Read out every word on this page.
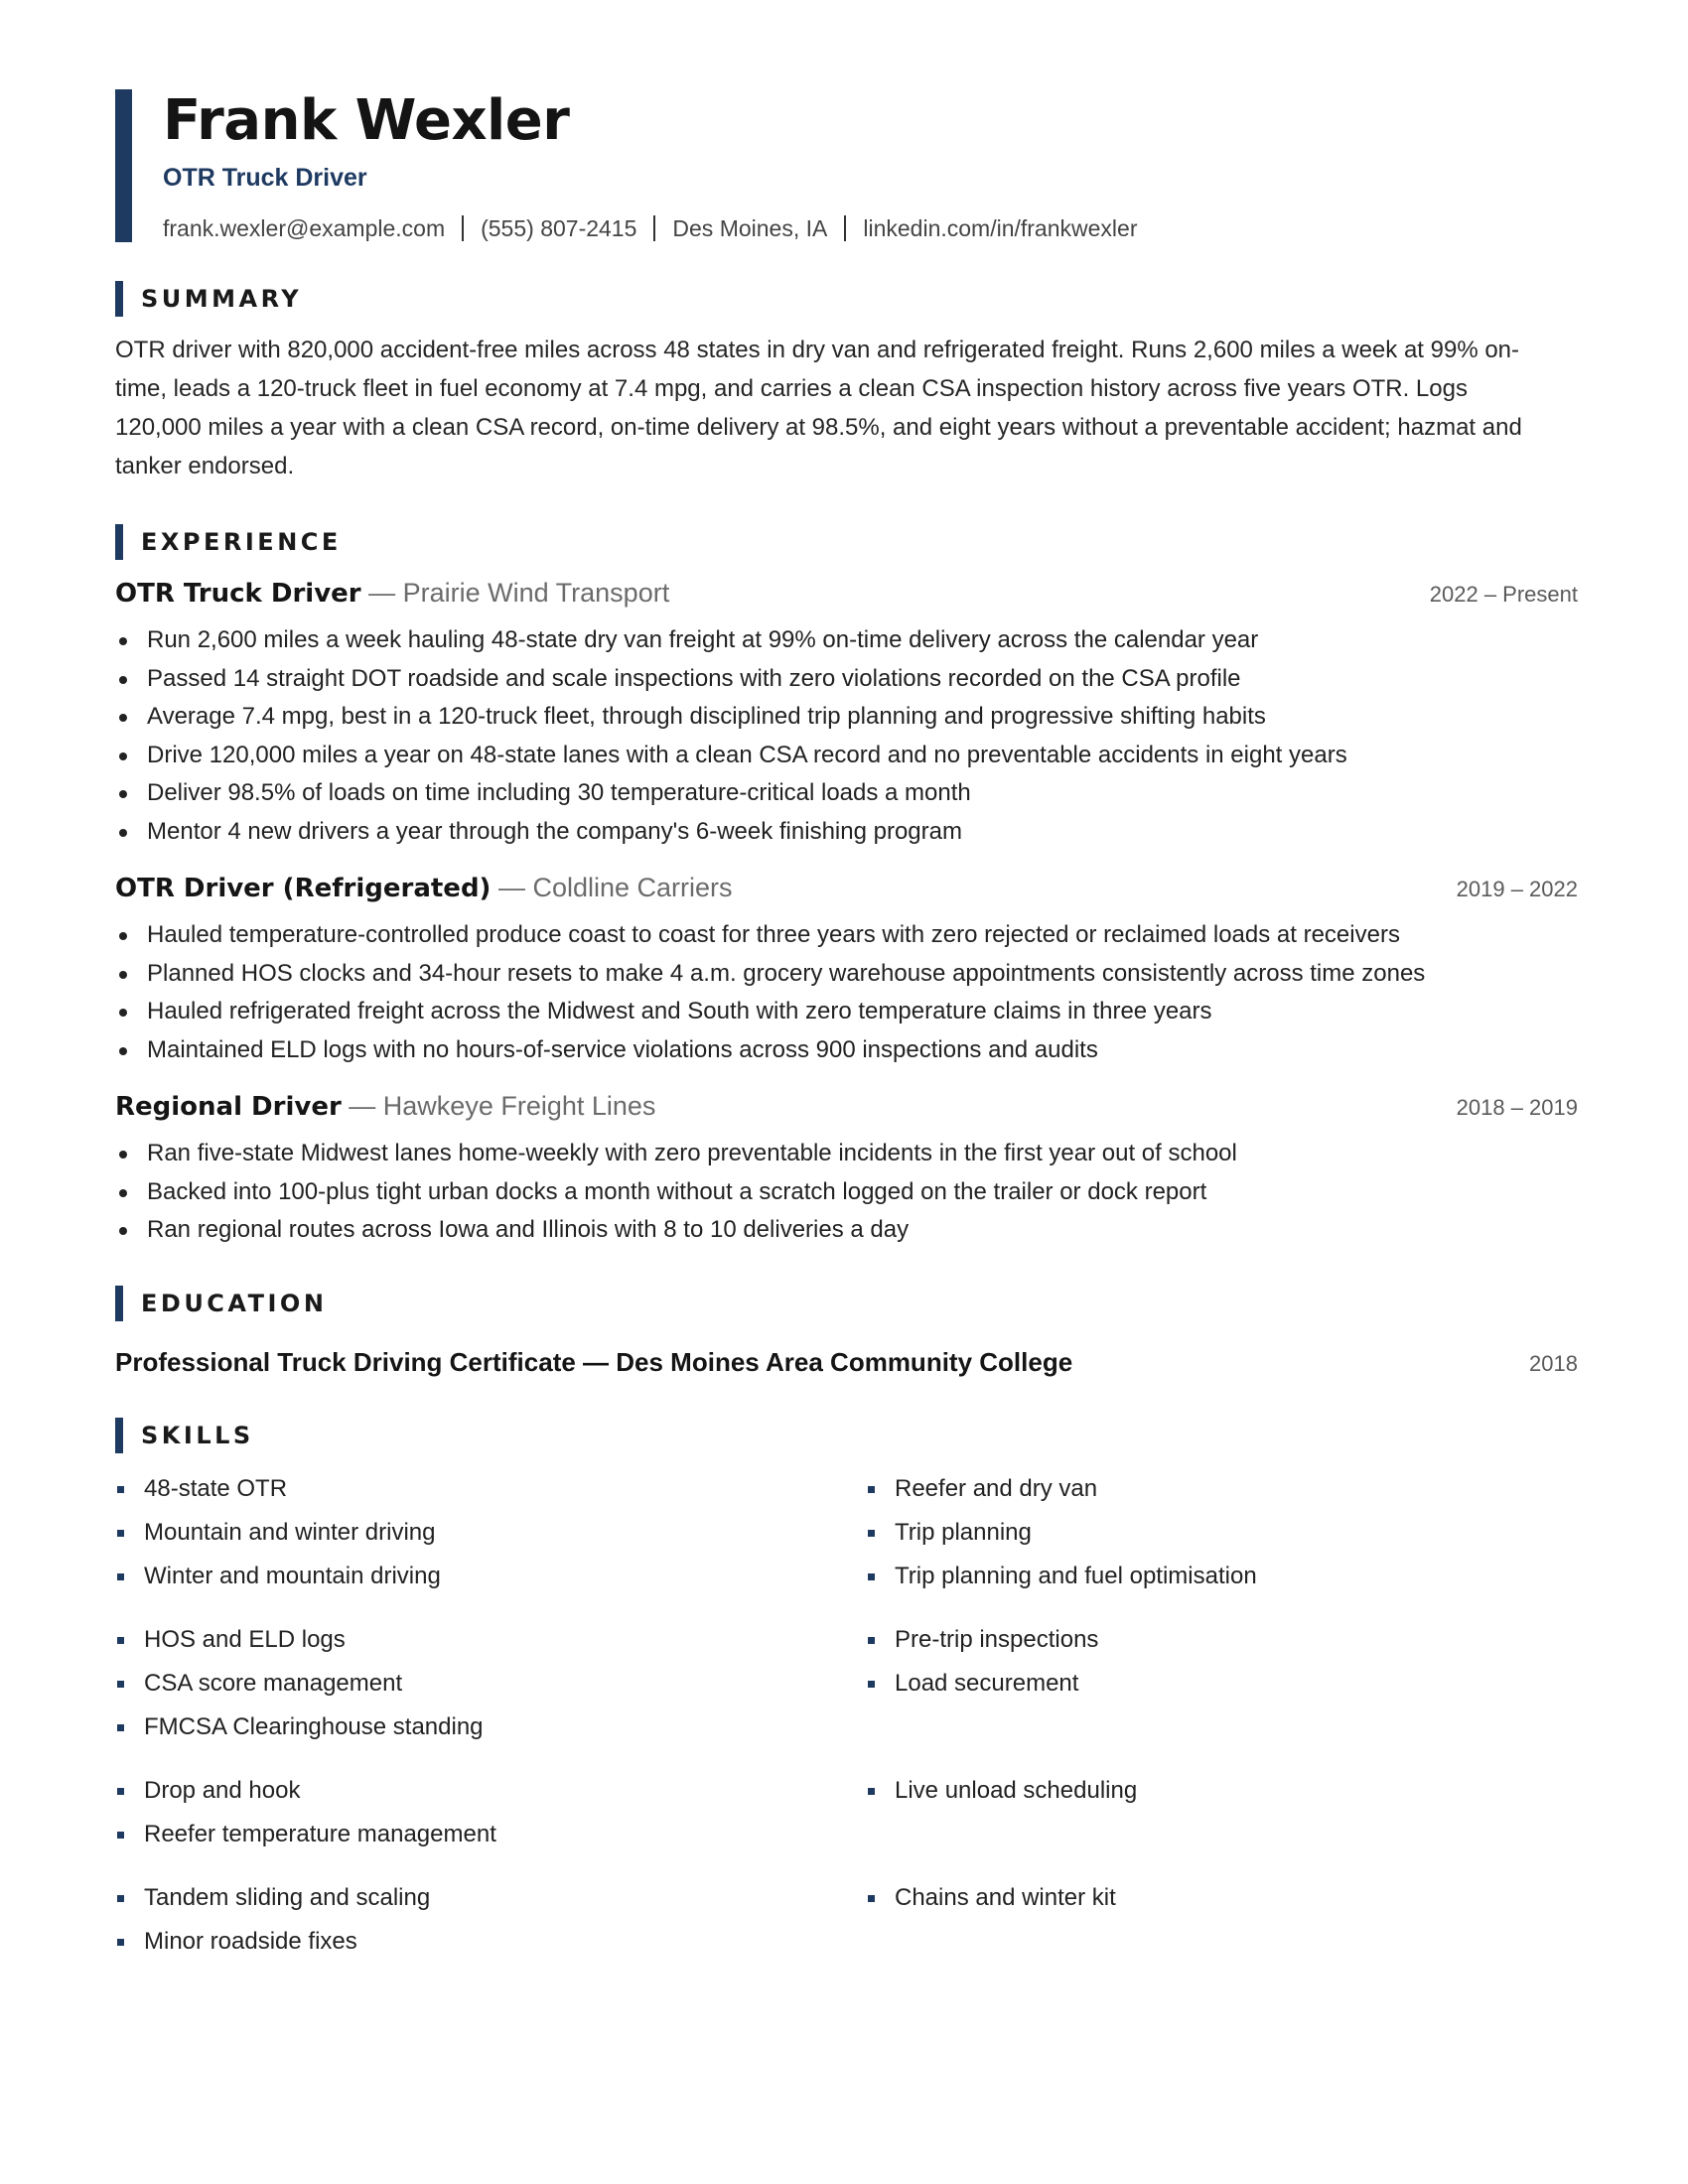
Frank Wexler
OTR Truck Driver
frank.wexler@example.com (555) 807-2415 Des Moines, IA linkedin.com/in/frankwexler
SUMMARY
OTR driver with 820,000 accident-free miles across 48 states in dry van and refrigerated freight. Runs 2,600 miles a week at 99% on-time, leads a 120-truck fleet in fuel economy at 7.4 mpg, and carries a clean CSA inspection history across five years OTR. Logs 120,000 miles a year with a clean CSA record, on-time delivery at 98.5%, and eight years without a preventable accident; hazmat and tanker endorsed.
EXPERIENCE
OTR Truck Driver — Prairie Wind Transport	2022 – Present
Run 2,600 miles a week hauling 48-state dry van freight at 99% on-time delivery across the calendar year
Passed 14 straight DOT roadside and scale inspections with zero violations recorded on the CSA profile
Average 7.4 mpg, best in a 120-truck fleet, through disciplined trip planning and progressive shifting habits
Drive 120,000 miles a year on 48-state lanes with a clean CSA record and no preventable accidents in eight years
Deliver 98.5% of loads on time including 30 temperature-critical loads a month
Mentor 4 new drivers a year through the company's 6-week finishing program
OTR Driver (Refrigerated) — Coldline Carriers	2019 – 2022
Hauled temperature-controlled produce coast to coast for three years with zero rejected or reclaimed loads at receivers
Planned HOS clocks and 34-hour resets to make 4 a.m. grocery warehouse appointments consistently across time zones
Hauled refrigerated freight across the Midwest and South with zero temperature claims in three years
Maintained ELD logs with no hours-of-service violations across 900 inspections and audits
Regional Driver — Hawkeye Freight Lines	2018 – 2019
Ran five-state Midwest lanes home-weekly with zero preventable incidents in the first year out of school
Backed into 100-plus tight urban docks a month without a scratch logged on the trailer or dock report
Ran regional routes across Iowa and Illinois with 8 to 10 deliveries a day
EDUCATION
Professional Truck Driving Certificate — Des Moines Area Community College	2018
SKILLS
48-state OTR
Mountain and winter driving
Winter and mountain driving
Reefer and dry van
Trip planning
Trip planning and fuel optimisation
HOS and ELD logs
CSA score management
FMCSA Clearinghouse standing
Pre-trip inspections
Load securement
Drop and hook
Reefer temperature management
Live unload scheduling
Tandem sliding and scaling
Minor roadside fixes
Chains and winter kit
